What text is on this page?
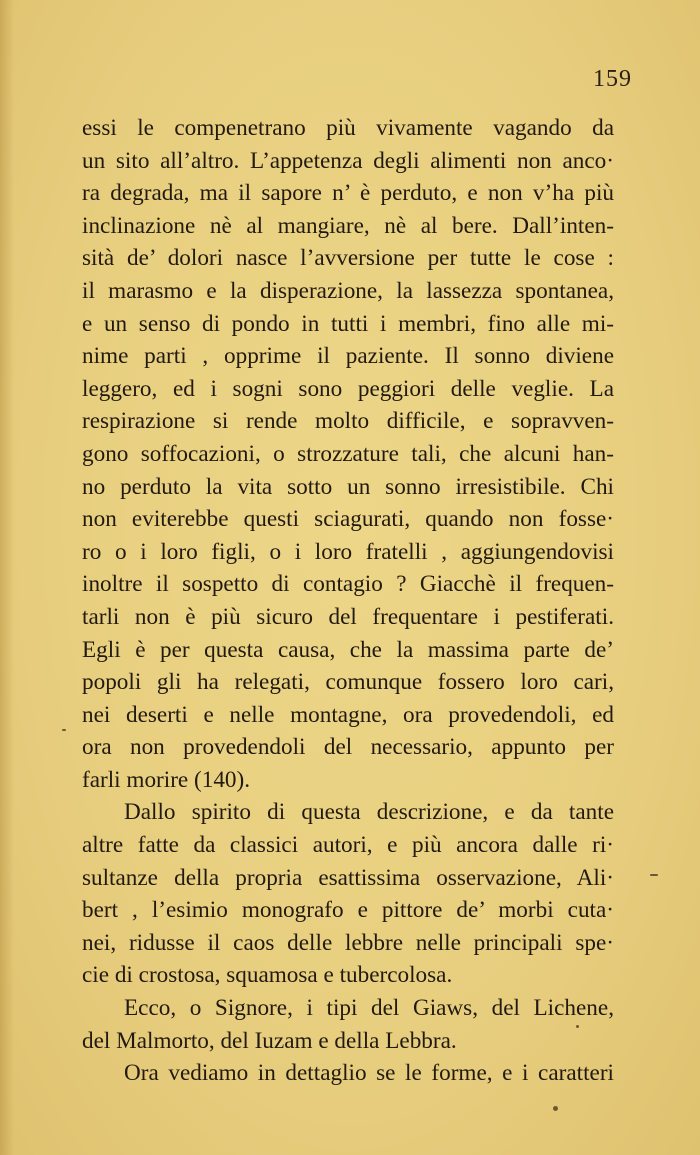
159
essi le compenetrano più vivamente vagando da
un sito all’altro. L’appetenza degli alimenti non anco·
ra degrada, ma il sapore n’ è perduto, e non v’ha più
inclinazione nè al mangiare, nè al bere. Dall’inten-
sità de’ dolori nasce l’avversione per tutte le cose :
il marasmo e la disperazione, la lassezza spontanea,
e un senso di pondo in tutti i membri, fino alle mi-
nime parti , opprime il paziente. Il sonno diviene
leggero, ed i sogni sono peggiori delle veglie. La
respirazione si rende molto difficile, e sopravven-
gono soffocazioni, o strozzature tali, che alcuni han-
no perduto la vita sotto un sonno irresistibile. Chi
non eviterebbe questi sciagurati, quando non fosse·
ro o i loro figli, o i loro fratelli , aggiungendovisi
inoltre il sospetto di contagio ? Giacchè il frequen-
tarli non è più sicuro del frequentare i pestiferati.
Egli è per questa causa, che la massima parte de’
popoli gli ha relegati, comunque fossero loro cari,
nei deserti e nelle montagne, ora provedendoli, ed
ora non provedendoli del necessario, appunto per
farli morire (140).
Dallo spirito di questa descrizione, e da tante
altre fatte da classici autori, e più ancora dalle ri·
sultanze della propria esattissima osservazione, Ali·
bert , l’esimio monografo e pittore de’ morbi cuta·
nei, ridusse il caos delle lebbre nelle principali spe·
cie di crostosa, squamosa e tubercolosa.
Ecco, o Signore, i tipi del Giaws, del Lichene,
del Malmorto, del Iuzam e della Lebbra.
Ora vediamo in dettaglio se le forme, e i caratteri
